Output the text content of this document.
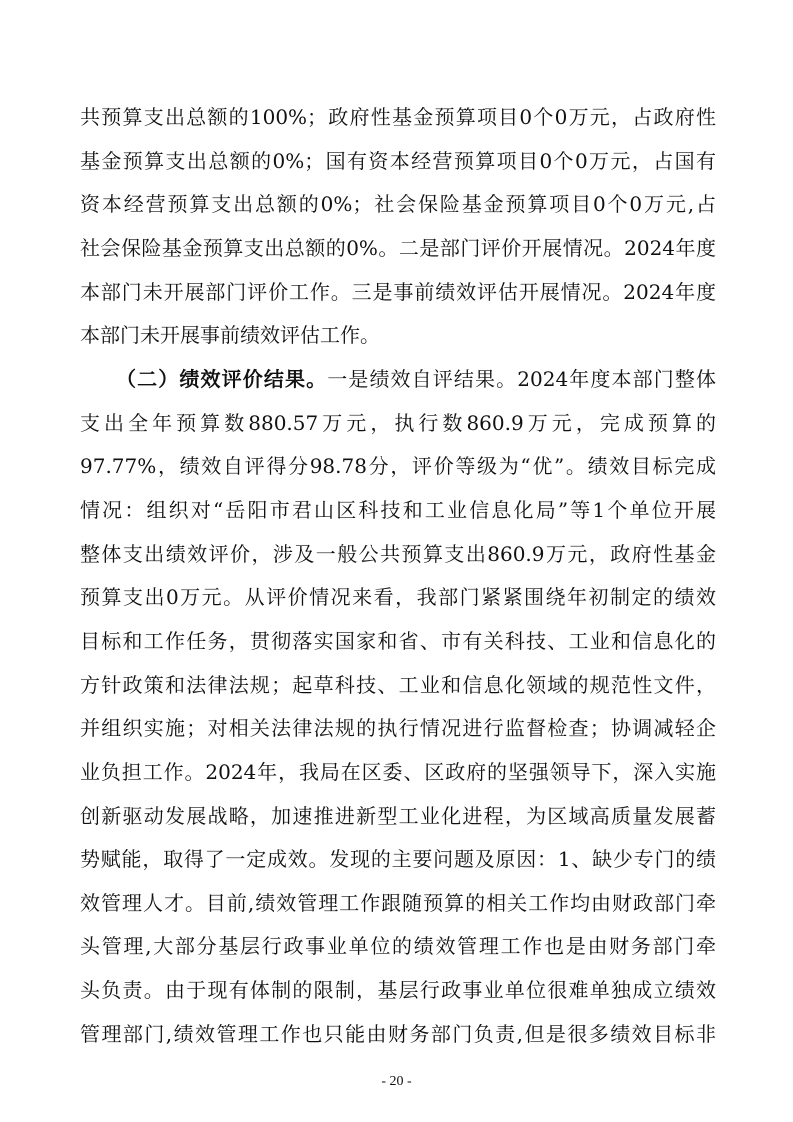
共预算支出总额的100%；政府性基金预算项目0个0万元，占政府性
基金预算支出总额的0%；国有资本经营预算项目0个0万元，占国有
资本经营预算支出总额的0%；社会保险基金预算项目0个0万元,占
社会保险基金预算支出总额的0%。二是部门评价开展情况。2024年度
本部门未开展部门评价工作。三是事前绩效评估开展情况。2024年度
本部门未开展事前绩效评估工作。
（二）绩效评价结果。一是绩效自评结果。2024年度本部门整体
支出全年预算数880.57万元，执行数860.9万元，完成预算的
97.77%，绩效自评得分98.78分，评价等级为“优”。绩效目标完成
情况：组织对“岳阳市君山区科技和工业信息化局”等1个单位开展
整体支出绩效评价，涉及一般公共预算支出860.9万元，政府性基金
预算支出0万元。从评价情况来看，我部门紧紧围绕年初制定的绩效
目标和工作任务，贯彻落实国家和省、市有关科技、工业和信息化的
方针政策和法律法规；起草科技、工业和信息化领域的规范性文件，
并组织实施；对相关法律法规的执行情况进行监督检查；协调减轻企
业负担工作。2024年，我局在区委、区政府的坚强领导下，深入实施
创新驱动发展战略，加速推进新型工业化进程，为区域高质量发展蓄
势赋能，取得了一定成效。发现的主要问题及原因：1、缺少专门的绩
效管理人才。目前,绩效管理工作跟随预算的相关工作均由财政部门牵
头管理,大部分基层行政事业单位的绩效管理工作也是由财务部门牵
头负责。由于现有体制的限制，基层行政事业单位很难单独成立绩效
管理部门,绩效管理工作也只能由财务部门负责,但是很多绩效目标非
- 20 -
